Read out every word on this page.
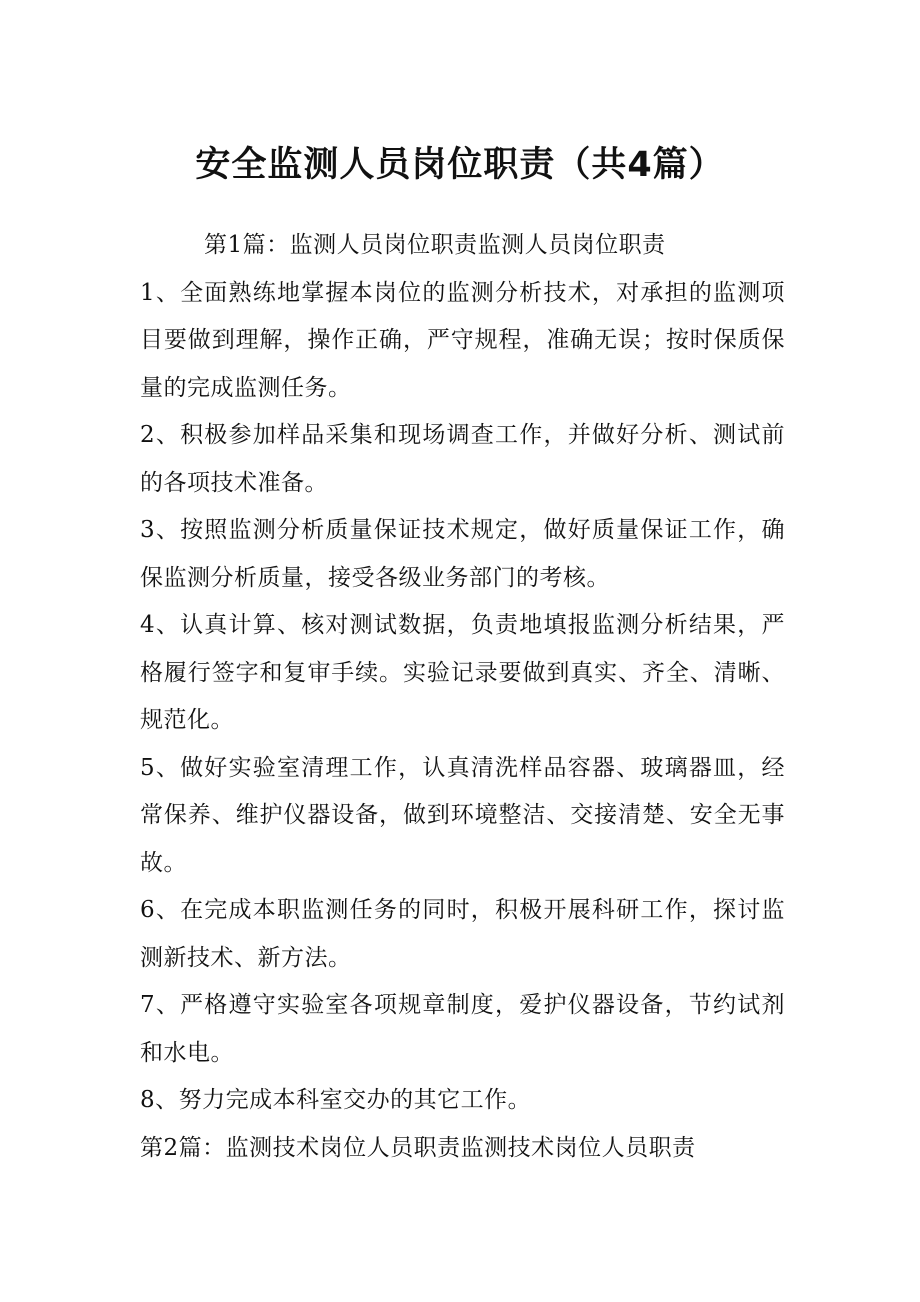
安全监测人员岗位职责（共4篇）

第1篇：监测人员岗位职责监测人员岗位职责

1、全面熟练地掌握本岗位的监测分析技术，对承担的监测项目要做到理解，操作正确，严守规程，准确无误；按时保质保量的完成监测任务。

2、积极参加样品采集和现场调查工作，并做好分析、测试前的各项技术准备。

3、按照监测分析质量保证技术规定，做好质量保证工作，确保监测分析质量，接受各级业务部门的考核。

4、认真计算、核对测试数据，负责地填报监测分析结果，严格履行签字和复审手续。实验记录要做到真实、齐全、清晰、规范化。

5、做好实验室清理工作，认真清洗样品容器、玻璃器皿，经常保养、维护仪器设备，做到环境整洁、交接清楚、安全无事故。

6、在完成本职监测任务的同时，积极开展科研工作，探讨监测新技术、新方法。

7、严格遵守实验室各项规章制度，爱护仪器设备，节约试剂和水电。

8、努力完成本科室交办的其它工作。

第2篇：监测技术岗位人员职责监测技术岗位人员职责
